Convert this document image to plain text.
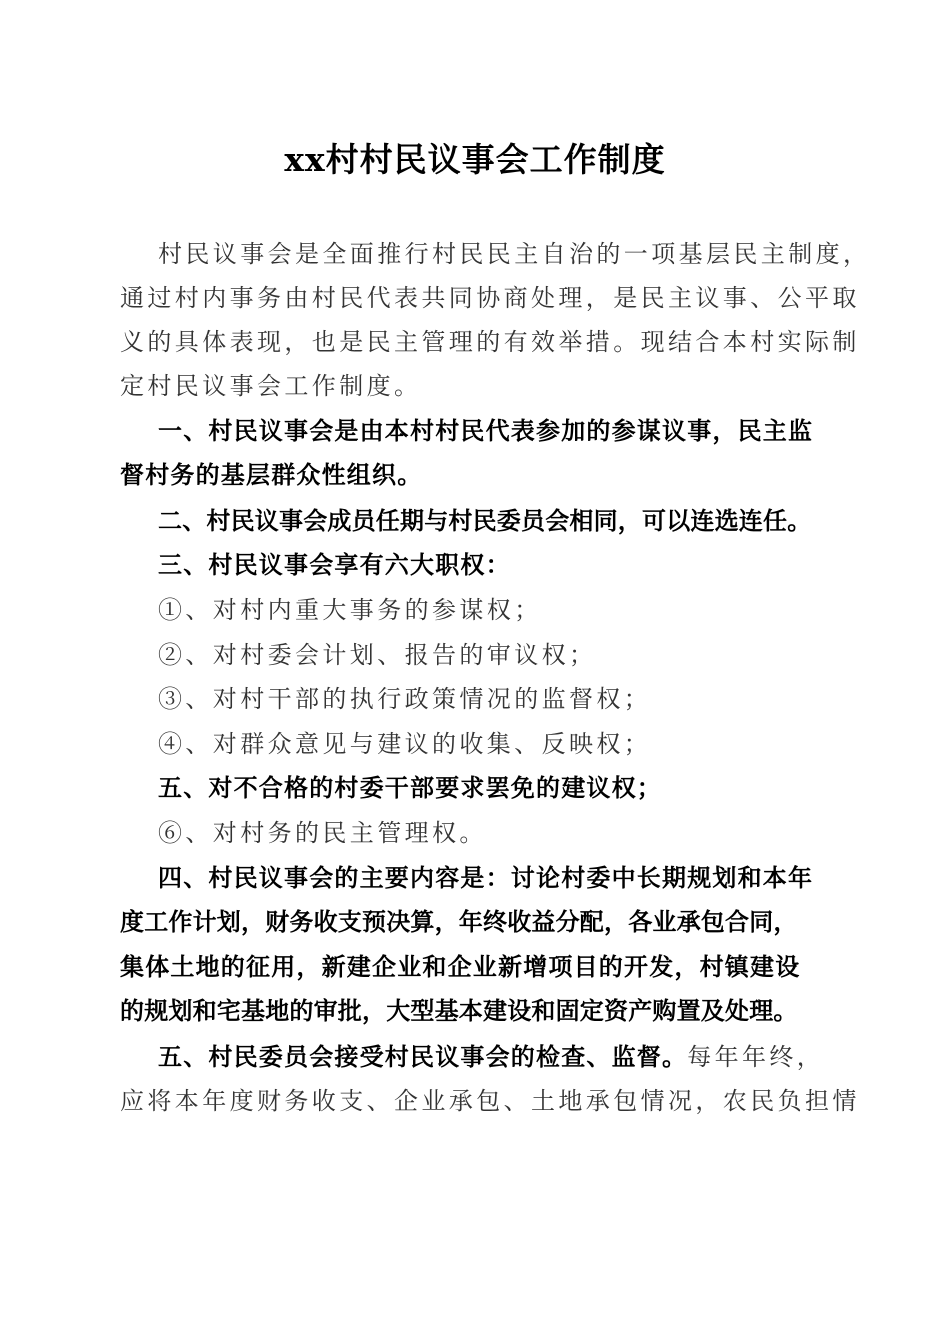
xx村村民议事会工作制度
村民议事会是全面推行村民民主自治的一项基层民主制度，
通过村内事务由村民代表共同协商处理，是民主议事、公平取
义的具体表现，也是民主管理的有效举措。现结合本村实际制
定村民议事会工作制度。
一、村民议事会是由本村村民代表参加的参谋议事，民主监
督村务的基层群众性组织。
二、村民议事会成员任期与村民委员会相同，可以连选连任。
三、村民议事会享有六大职权：
①、对村内重大事务的参谋权；
②、对村委会计划、报告的审议权；
③、对村干部的执行政策情况的监督权；
④、对群众意见与建议的收集、反映权；
五、对不合格的村委干部要求罢免的建议权；
⑥、对村务的民主管理权。
四、村民议事会的主要内容是：讨论村委中长期规划和本年
度工作计划，财务收支预决算，年终收益分配，各业承包合同，
集体土地的征用，新建企业和企业新增项目的开发，村镇建设
的规划和宅基地的审批，大型基本建设和固定资产购置及处理。
五、村民委员会接受村民议事会的检查、监督。每年年终，
应将本年度财务收支、企业承包、土地承包情况，农民负担情
